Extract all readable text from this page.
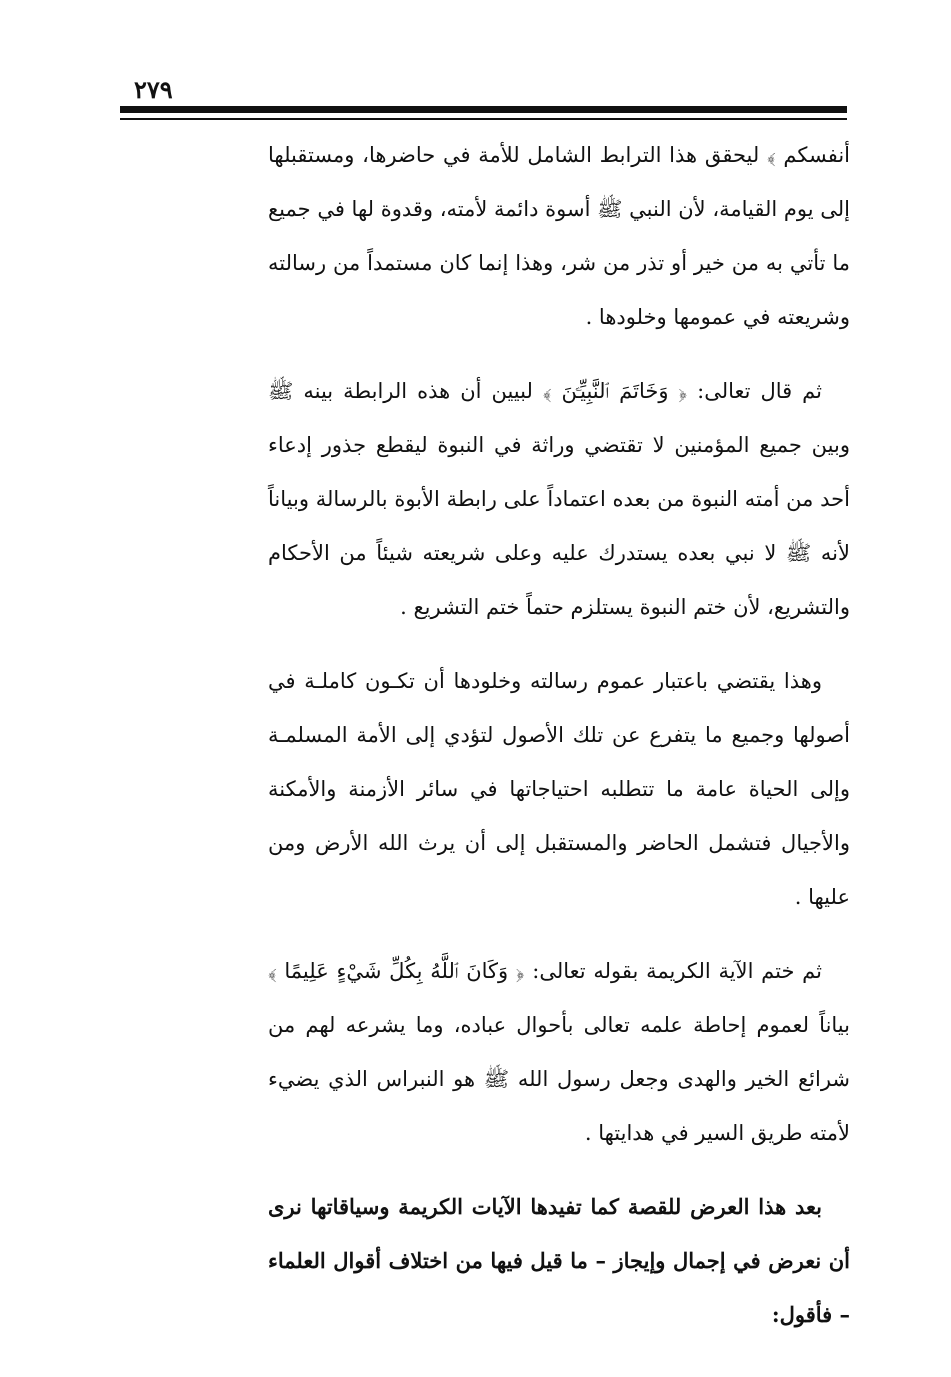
٢٧٩

أنفسكم ﴾ ليحقق هذا الترابط الشامل للأمة في حاضرها، ومستقبلها إلى يوم القيامة، لأن النبي ﷺ أسوة دائمة لأمته، وقدوة لها في جميع ما تأتي به من خير أو تذر من شر، وهذا إنما كان مستمداً من رسالته وشريعته في عمومها وخلودها .

ثم قال تعالى: ﴿ وَخَاتَمَ ٱلنَّبِيِّـۧنَ ﴾ لبيين أن هذه الرابطة بينه ﷺ وبين جميع المؤمنين لا تقتضي وراثة في النبوة ليقطع جذور إدعاء أحد من أمته النبوة من بعده اعتماداً على رابطة الأبوة بالرسالة وبياناً لأنه ﷺ لا نبي بعده يستدرك عليه وعلى شريعته شيئاً من الأحكام والتشريع، لأن ختم النبوة يستلزم حتماً ختم التشريع .

وهذا يقتضي باعتبار عموم رسالته وخلودها أن تكـون كاملـة في أصولها وجميع ما يتفرع عن تلك الأصول لتؤدي إلى الأمة المسلمـة وإلى الحياة عامة ما تتطلبه احتياجاتها في سائر الأزمنة والأمكنة والأجيال فتشمل الحاضر والمستقبل إلى أن يرث الله الأرض ومن عليها .

ثم ختم الآية الكريمة بقوله تعالى: ﴿ وَكَانَ ٱللَّهُ بِكُلِّ شَيْءٍ عَلِيمًا ﴾ بياناً لعموم إحاطة علمه تعالى بأحوال عباده، وما يشرعه لهم من شرائع الخير والهدى وجعل رسول الله ﷺ هو النبراس الذي يضيء لأمته طريق السير في هدايتها .

بعد هذا العرض للقصة كما تفيدها الآيات الكريمة وسياقاتها نرى أن نعرض في إجمال وإيجاز – ما قيل فيها من اختلاف أقوال العلماء – فأقول:
